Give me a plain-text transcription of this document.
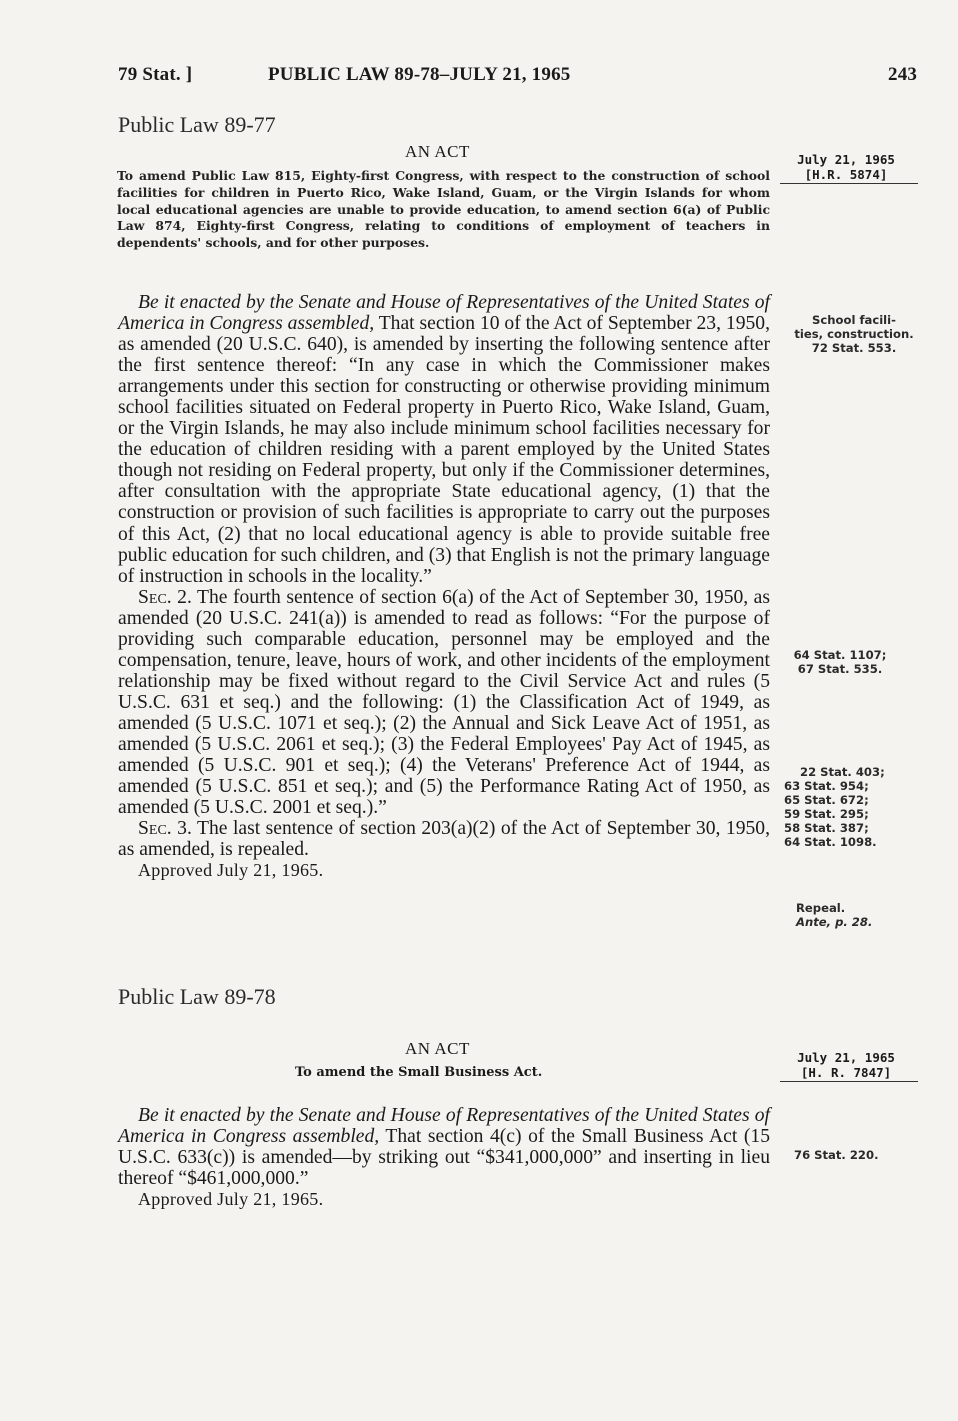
79 Stat. ]	PUBLIC LAW 89-78–JULY 21, 1965	243
Public Law 89-77
AN ACT
To amend Public Law 815, Eighty-first Congress, with respect to the construction of school facilities for children in Puerto Rico, Wake Island, Guam, or the Virgin Islands for whom local educational agencies are unable to provide education, to amend section 6(a) of Public Law 874, Eighty-first Congress, relating to conditions of employment of teachers in dependents' schools, and for other purposes.
July 21, 1965
[H.R. 5874]

Be it enacted by the Senate and House of Representatives of the United States of America in Congress assembled, That section 10 of the Act of September 23, 1950, as amended (20 U.S.C. 640), is amended by inserting the following sentence after the first sentence thereof: “In any case in which the Commissioner makes arrangements under this section for constructing or otherwise providing minimum school facilities situated on Federal property in Puerto Rico, Wake Island, Guam, or the Virgin Islands, he may also include minimum school facilities necessary for the education of children residing with a parent employed by the United States though not residing on Federal property, but only if the Commissioner determines, after consultation with the appropriate State educational agency, (1) that the construction or provision of such facilities is appropriate to carry out the purposes of this Act, (2) that no local educational agency is able to provide suitable free public education for such children, and (3) that English is not the primary language of instruction in schools in the locality.”

Sec. 2. The fourth sentence of section 6(a) of the Act of September 30, 1950, as amended (20 U.S.C. 241(a)) is amended to read as follows: “For the purpose of providing such comparable education, personnel may be employed and the compensation, tenure, leave, hours of work, and other incidents of the employment relationship may be fixed without regard to the Civil Service Act and rules (5 U.S.C. 631 et seq.) and the following: (1) the Classification Act of 1949, as amended (5 U.S.C. 1071 et seq.); (2) the Annual and Sick Leave Act of 1951, as amended (5 U.S.C. 2061 et seq.); (3) the Federal Employees' Pay Act of 1945, as amended (5 U.S.C. 901 et seq.); (4) the Veterans' Preference Act of 1944, as amended (5 U.S.C. 851 et seq.); and (5) the Performance Rating Act of 1950, as amended (5 U.S.C. 2001 et seq.).”

Sec. 3. The last sentence of section 203(a)(2) of the Act of September 30, 1950, as amended, is repealed.

Approved July 21, 1965.

School facili-
ties, construction.
72 Stat. 553.
64 Stat. 1107;
67 Stat. 535.
22 Stat. 403;
63 Stat. 954;
65 Stat. 672;
59 Stat. 295;
58 Stat. 387;
64 Stat. 1098.
Repeal.
Ante, p. 28.
Public Law 89-78
AN ACT
To amend the Small Business Act.
July 21, 1965
[H. R. 7847]

Be it enacted by the Senate and House of Representatives of the United States of America in Congress assembled, That section 4(c) of the Small Business Act (15 U.S.C. 633(c)) is amended—by striking out “$341,000,000” and inserting in lieu thereof “$461,000,000.”

Approved July 21, 1965.

76 Stat. 220.
